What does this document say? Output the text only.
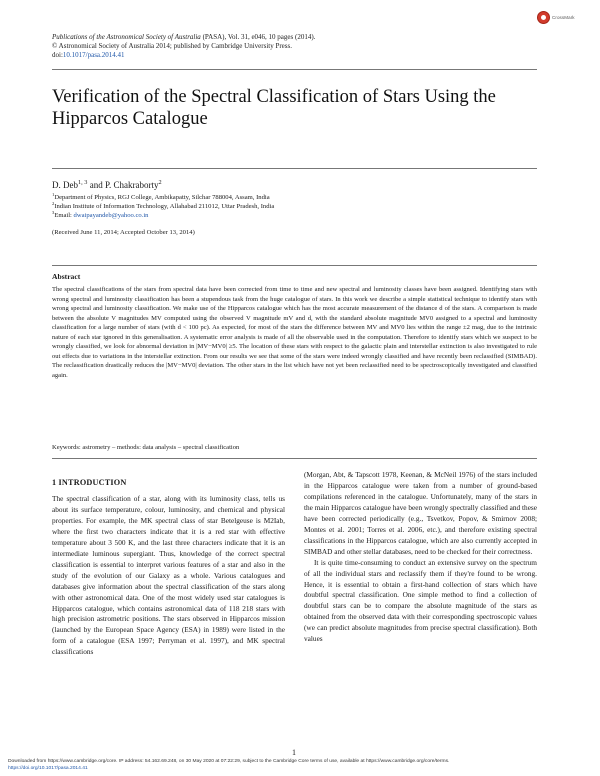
Publications of the Astronomical Society of Australia (PASA), Vol. 31, e046, 10 pages (2014).
© Astronomical Society of Australia 2014; published by Cambridge University Press.
doi:10.1017/pasa.2014.41
CrossMark
Verification of the Spectral Classification of Stars Using the Hipparcos Catalogue
D. Deb$^{1, 3}$ and P. Chakraborty$^2$
$^1$Department of Physics, RGJ College, Ambikapatty, Silchar 788004, Assam, India
$^2$Indian Institute of Information Technology, Allahabad 211012, Uttar Pradesh, India
$^3$Email: dwaipayandeb@yahoo.co.in
(Received June 11, 2014; Accepted October 13, 2014)
Abstract
The spectral classifications of the stars from spectral data have been corrected from time to time and new spectral and luminosity classes have been assigned. Identifying stars with wrong spectral and luminosity classification has been a stupendous task from the huge catalogue of stars. In this work we describe a simple statistical technique to identify stars with wrong spectral and luminosity classification. We make use of the Hipparcos catalogue which has the most accurate measurement of the distance d of the stars. A comparison is made between the absolute V magnitudes MV computed using the observed V magnitude mV and d, with the standard absolute magnitude MV0 assigned to a spectral and luminosity classification for a large number of stars (with d < 100 pc). As expected, for most of the stars the difference between MV and MV0 lies within the range ±2 mag, due to the intrinsic nature of each star ignored in this generalisation. A systematic error analysis is made of all the observable used in the computation. Therefore to identify stars which we suspect to be wrongly classified, we look for abnormal deviation in |MV−MV0| ≥5. The location of these stars with respect to the galactic plain and interstellar extinction is also investigated to rule out effects due to variations in the interstellar extinction. From our results we see that some of the stars were indeed wrongly classified and have recently been reclassified (SIMBAD). The reclassification drastically reduces the |MV−MV0| deviation. The other stars in the list which have not yet been reclassified need to be spectroscopically investigated and classified again.
Keywords: astrometry – methods: data analysis – spectral classification
1 INTRODUCTION

The spectral classification of a star, along with its luminosity class, tells us about its surface temperature, colour, luminosity, and chemical and physical properties. For example, the MK spectral class of star Betelgeuse is M2Iab, where the first two characters indicate that it is a red star with effective temperature about 3 500 K, and the last three characters indicate that it is an intermediate luminous supergiant. Thus, knowledge of the correct spectral classification is essential to interpret various features of a star and also in the study of the evolution of our Galaxy as a whole. Various catalogues and databases give information about the spectral classification of the stars along with other astronomical data. One of the most widely used star catalogues is Hipparcos catalogue, which contains astronomical data of 118 218 stars with high precision astrometric positions. The stars observed in Hipparcos mission (launched by the European Space Agency (ESA) in 1989) were listed in the form of a catalogue (ESA 1997; Perryman et al. 1997), and MK spectral classifications

(Morgan, Abt, & Tapscott 1978, Keenan, & McNeil 1976) of the stars included in the Hipparcos catalogue were taken from a number of ground-based compilations referenced in the catalogue. Unfortunately, many of the stars in the main Hipparcos catalogue have been wrongly spectrally classified and these have been corrected periodically (e.g., Tsvetkov, Popov, & Smirnov 2008; Montes et al. 2001; Torres et al. 2006, etc.), and therefore existing spectral classifications in the Hipparcos catalogue, which are also currently accepted in SIMBAD and other stellar databases, need to be checked for their correctness.

It is quite time-consuming to conduct an extensive survey on the spectrum of all the individual stars and reclassify them if they're found to be wrong. Hence, it is essential to obtain a first-hand collection of stars which have doubtful spectral classification. One simple method to find a collection of doubtful stars can be to compare the absolute magnitude of the stars as obtained from the observed data with their corresponding spectroscopic values (we can predict absolute magnitudes from precise spectral classification). Both values

1
Downloaded from https://www.cambridge.org/core. IP address: 54.162.69.248, on 30 May 2020 at 07:22:29, subject to the Cambridge Core terms of use, available at https://www.cambridge.org/core/terms.
https://doi.org/10.1017/pasa.2014.41
